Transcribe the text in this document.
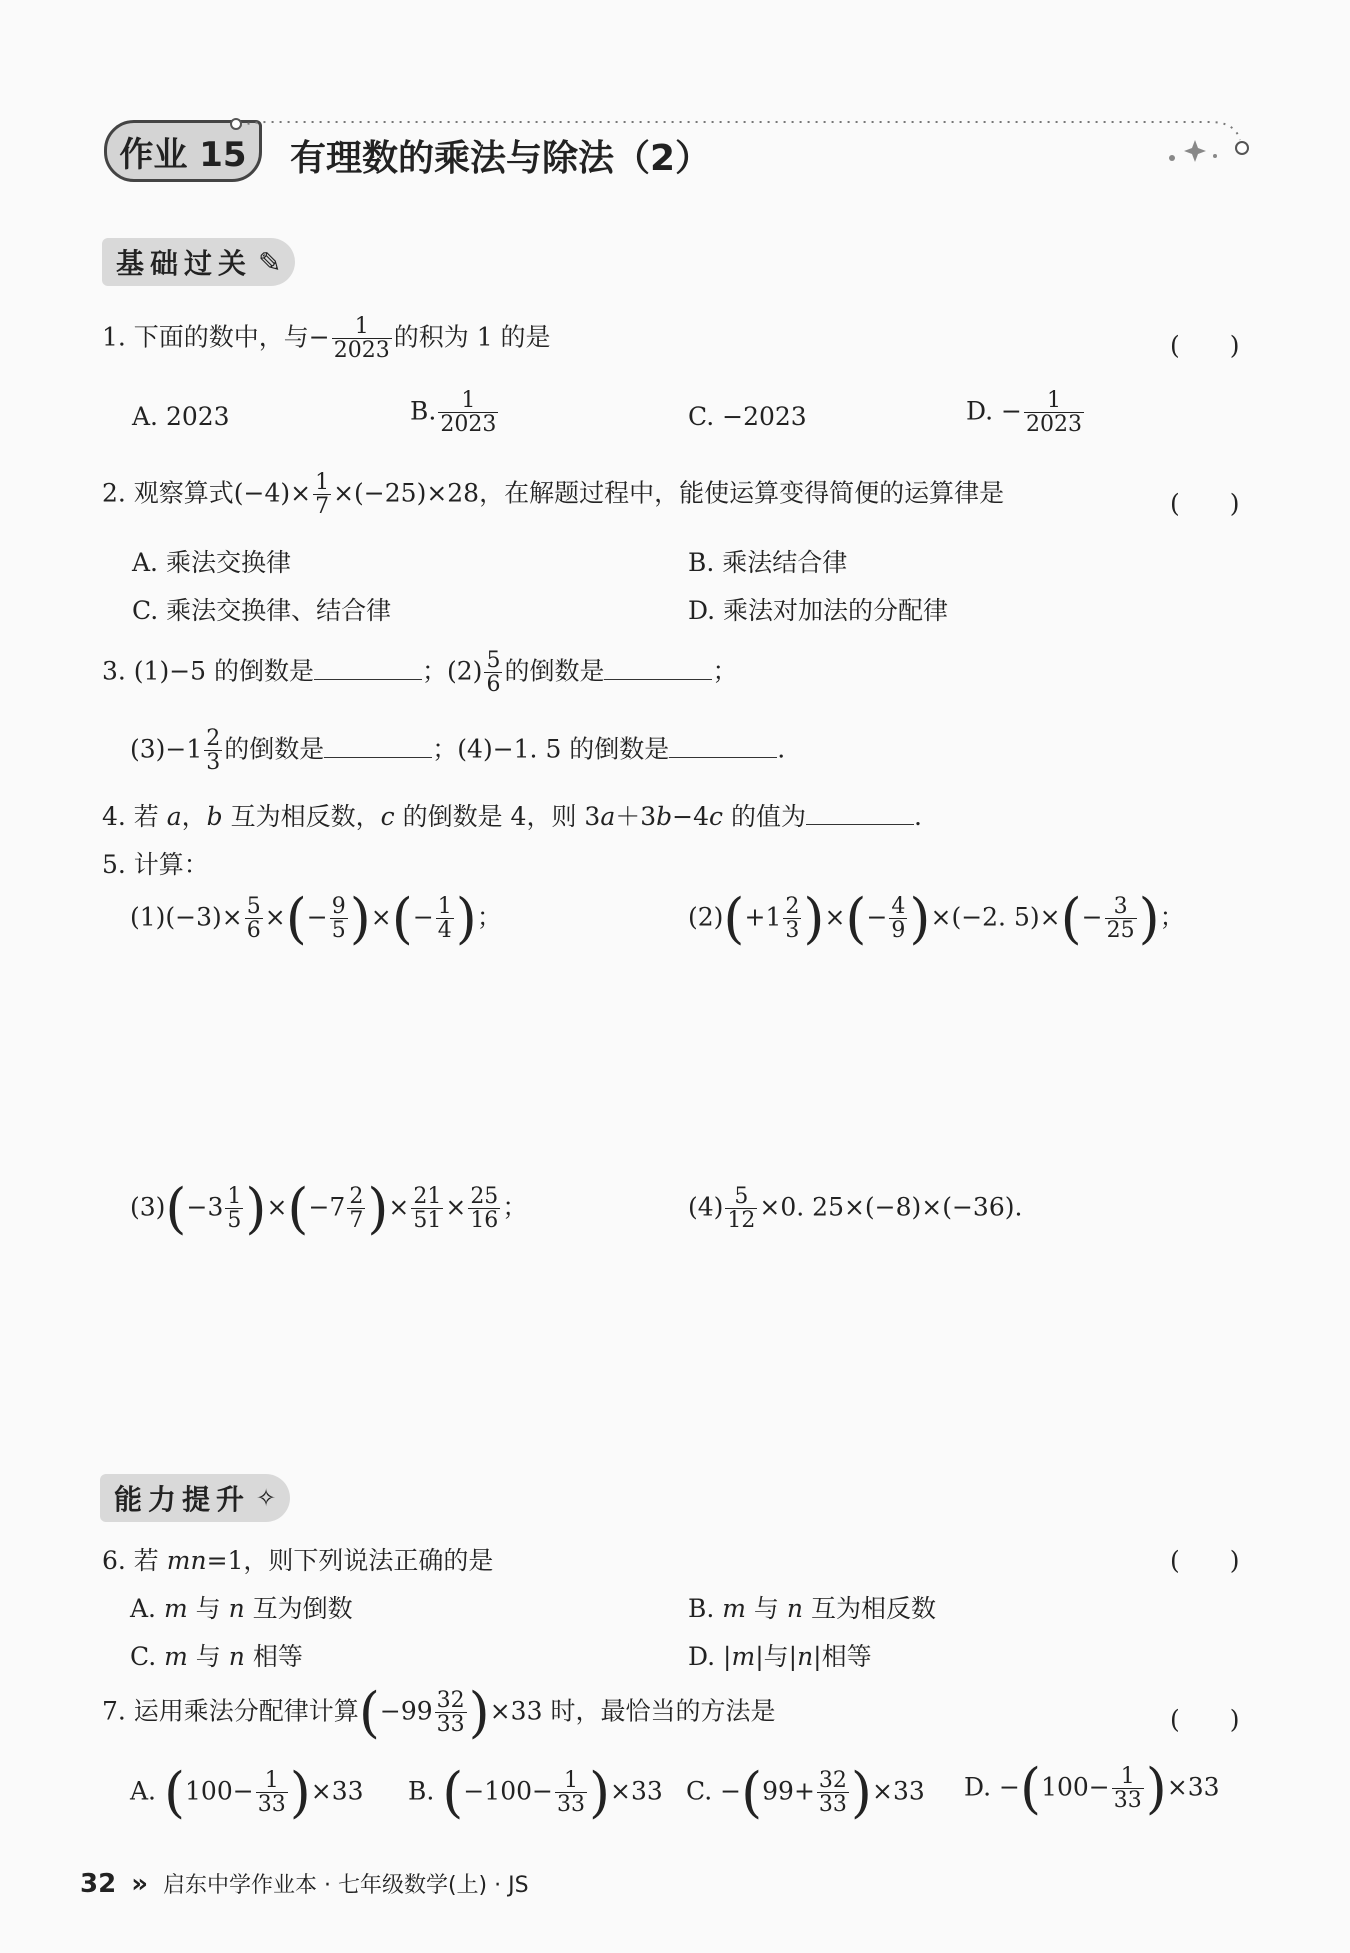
作业 15 有理数的乘法与除法（2）
基础过关 ✎
1. 下面的数中，与− $\frac{1}{2023}$ 的积为 1 的是	(　　)
A. 2023	B. $\frac{1}{2023}$	C. −2023	D. − $\frac{1}{2023}$
2. 观察算式$(-4)\times \frac{1}{7} \times(-25)\times 28$，在解题过程中，能使运算变得简便的运算律是	(　　)
A. 乘法交换律	B. 乘法结合律
C. 乘法交换律、结合律	D. 乘法对加法的分配律
3. (1)−5 的倒数是	；$(2) \frac{5}{6}$ 的倒数是	；
$(3)-1 \frac{2}{3}$ 的倒数是	；(4)−1. 5 的倒数是	.
4. 若 a，b 互为相反数，c 的倒数是 4，则 3a＋3b−4c 的值为	.
5. 计算：
$(1)(-3)\times \frac{5}{6}$ ×(− $\frac{9}{5}$ )×(− $\frac{1}{4}$ )；	$(2)(+1 \frac{2}{3}$ )×(− $\frac{4}{9} )\times(-2$. $5)\times(- \frac{3}{25}$ )；
$(3)(-3 \frac{1}{5} )\times(-7 \frac{2}{7}$ )× $\frac{21}{51} \times \frac{25}{16}$ ；	$(4) \frac{5}{12} \times 0$. 25×(−8)×(−36).
能力提升 ✧
6. 若 mn=1，则下列说法正确的是	(　　)
A. m 与 n 互为倒数	B. m 与 n 互为相反数
C. m 与 n 相等	D. |m|与|n|相等
7. 运用乘法分配律计算$(-99 \frac{32}{33} )\times 33$ 时，最恰当的方法是	(　　)
A. $(100- \frac{1}{33} )\times 33$ B. $(-100- \frac{1}{33} )\times 33$ C. $-(99+ \frac{32}{33} )\times 33$ D. $-(100- \frac{1}{33} )\times 33$
32 » 启东中学作业本 · 七年级数学(上) · JS
